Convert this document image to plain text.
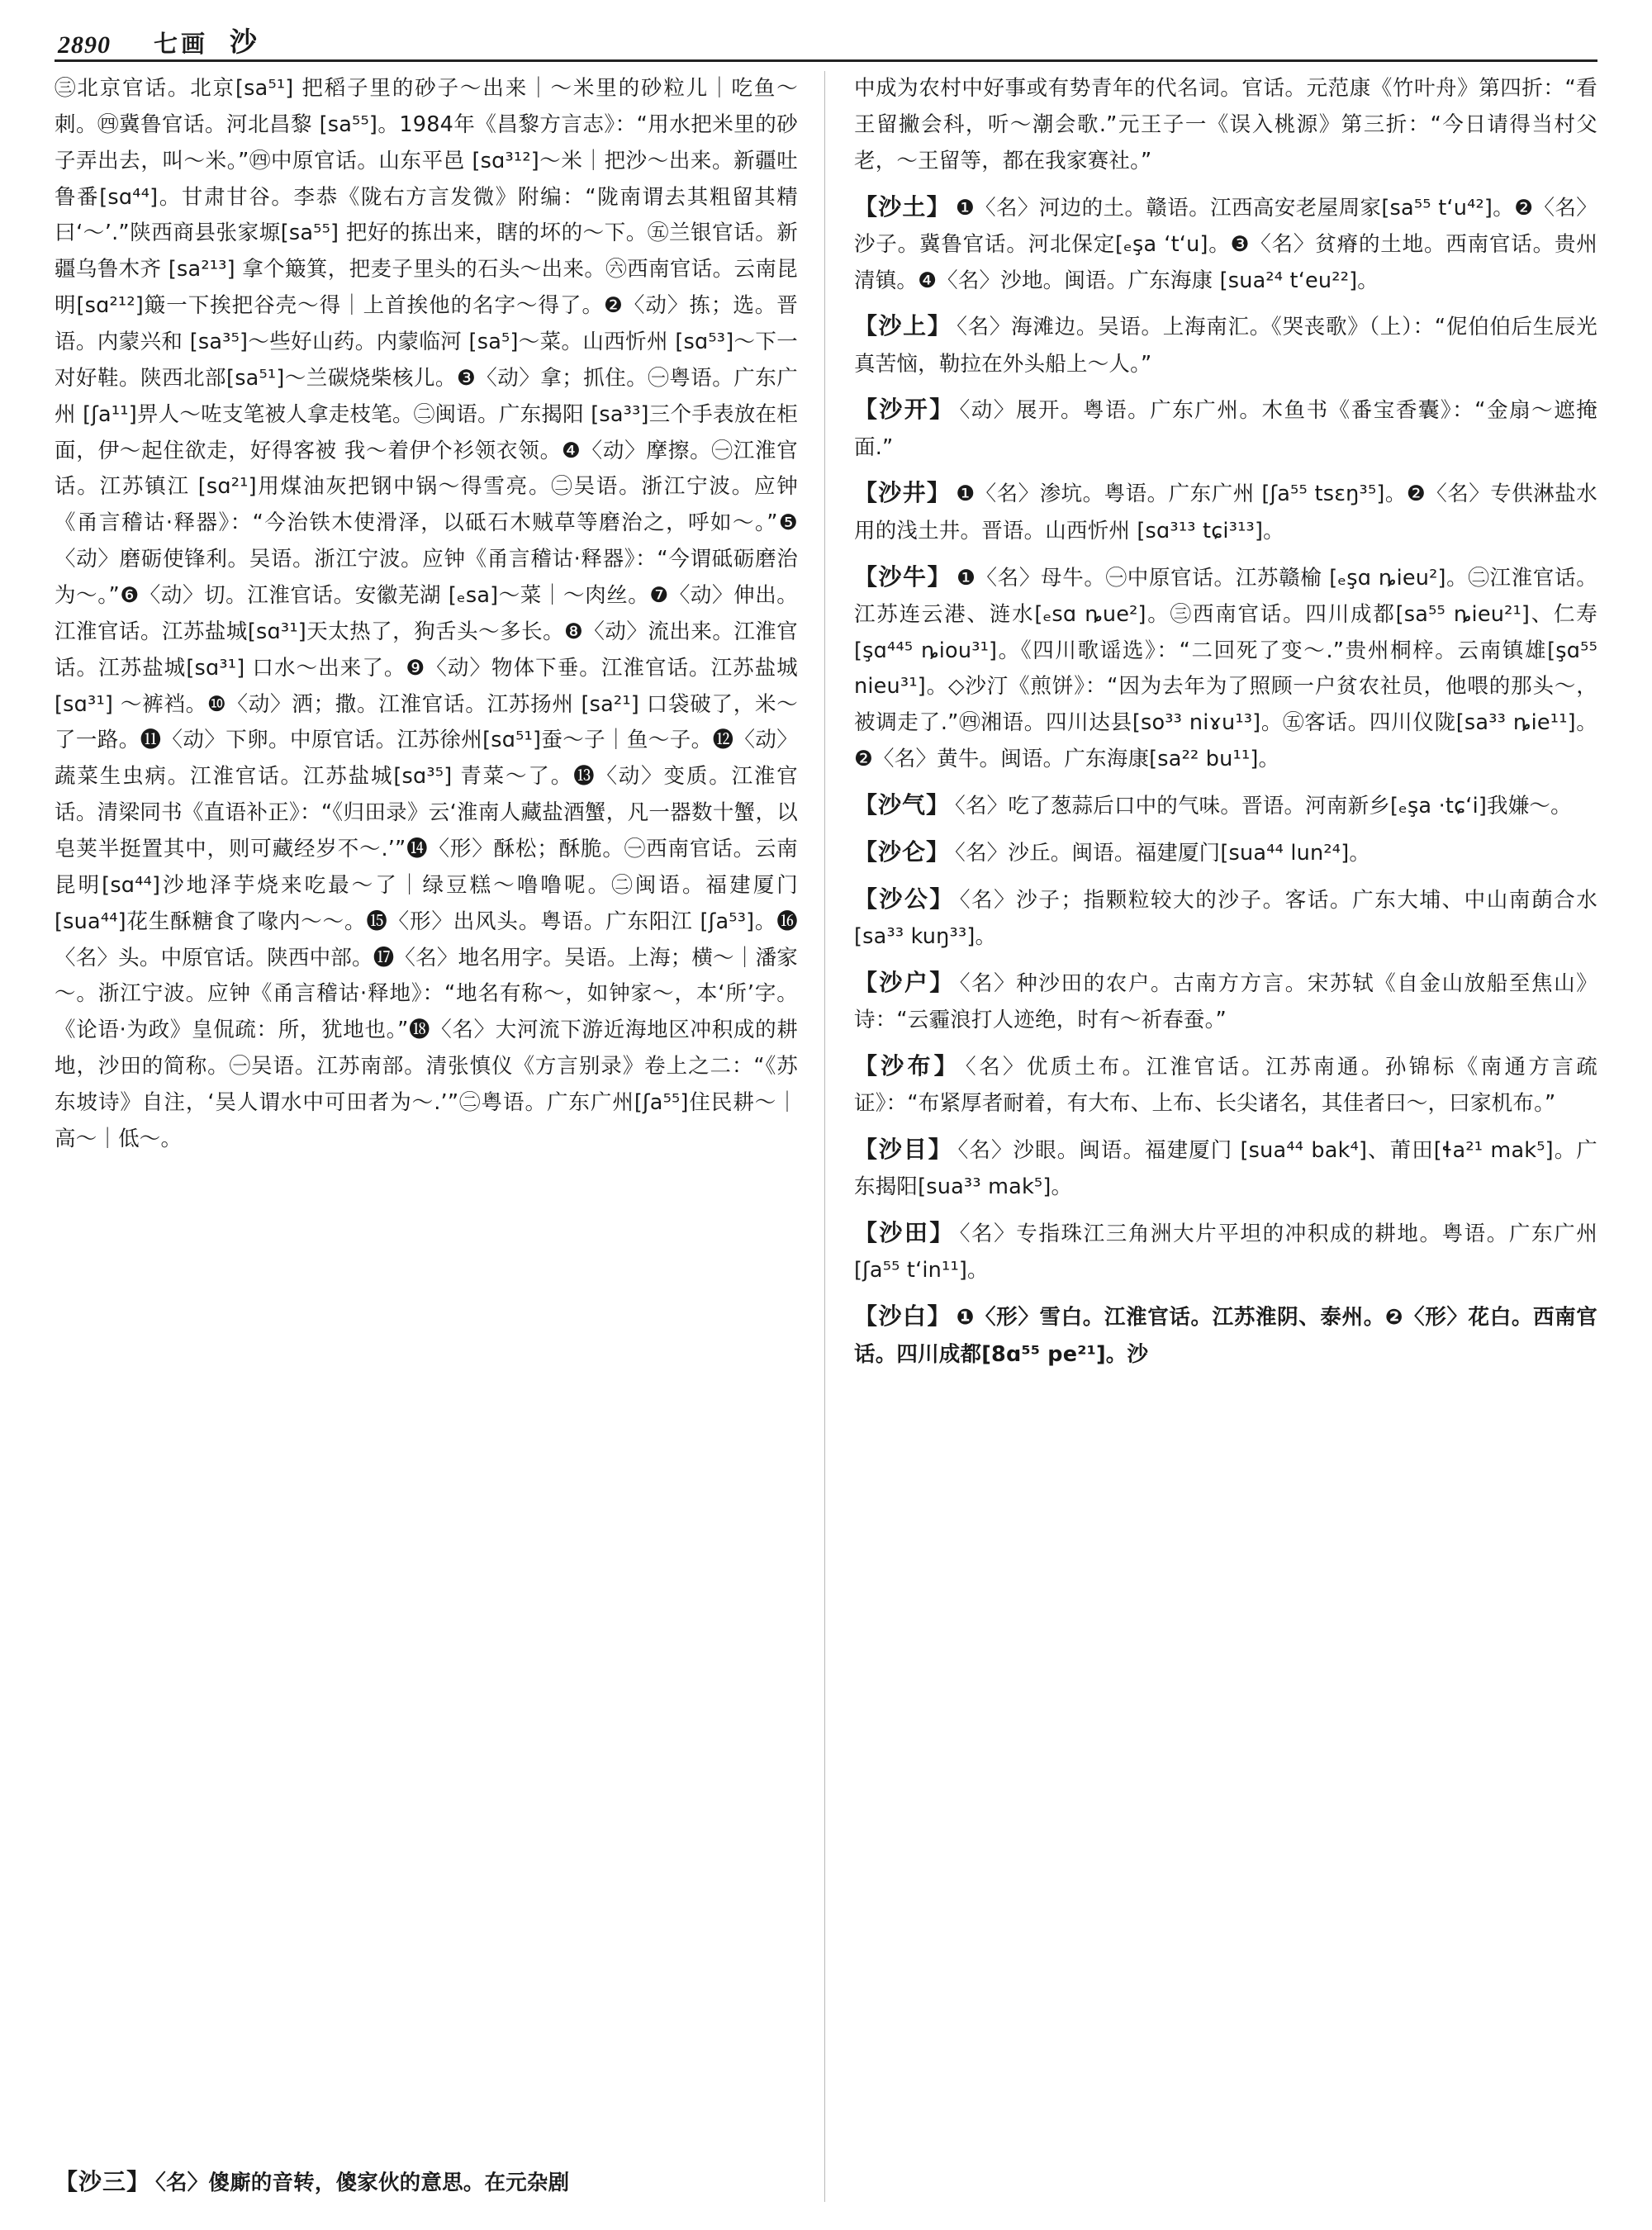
2890 七画 沙

㊂北京官话。北京[sa⁵¹] 把稻子里的砂子～出来｜～米里的砂粒儿｜吃鱼～刺。㊃冀鲁官话。河北昌黎 [sa⁵⁵]。1984年《昌黎方言志》：“用水把米里的砂子弄出去，叫～米。”㊃中原官话。山东平邑 [sɑ³¹²]～米｜把沙～出来。新疆吐鲁番[sɑ⁴⁴]。甘肃甘谷。李恭《陇右方言发微》附编：“陇南谓去其粗留其精曰‘～’.”陕西商县张家塬[sa⁵⁵] 把好的拣出来，瞎的坏的～下。㊄兰银官话。新疆乌鲁木齐 [sa²¹³] 拿个簸箕，把麦子里头的石头～出来。㊅西南官话。云南昆明[sɑ²¹²]簸一下挨把谷壳～得｜上首挨他的名字～得了。❷〈动〉拣；选。晋语。内蒙兴和 [sa³⁵]～些好山药。内蒙临河 [sa⁵]～菜。山西忻州 [sɑ⁵³]～下一对好鞋。陕西北部[sa⁵¹]～兰碳烧柴核儿。❸〈动〉拿；抓住。㊀粤语。广东广州 [ʃa¹¹]畀人～咗支笔被人拿走枝笔。㊁闽语。广东揭阳 [sa³³]三个手表放在柜面，伊～起住欲走，好得客被 我～着伊个衫领衣领。❹〈动〉摩擦。㊀江淮官话。江苏镇江 [sɑ²¹]用煤油灰把钢中锅～得雪亮。㊁吴语。浙江宁波。应钟《甬言稽诂·释器》：“今治铁木使滑泽，以砥石木贼草等磨治之，呼如～。”❺〈动〉磨砺使锋利。吴语。浙江宁波。应钟《甬言稽诂·释器》：“今谓砥砺磨治为～。”❻〈动〉切。江淮官话。安徽芜湖 [ₑsa]～菜｜～肉丝。❼〈动〉伸出。江淮官话。江苏盐城[sɑ³¹]天太热了，狗舌头～多长。❽〈动〉流出来。江淮官话。江苏盐城[sɑ³¹] 口水～出来了。❾〈动〉物体下垂。江淮官话。江苏盐城 [sɑ³¹] ～裤裆。❿〈动〉洒；撒。江淮官话。江苏扬州 [sa²¹] 口袋破了，米～了一路。⓫〈动〉下卵。中原官话。江苏徐州[sɑ⁵¹]蚕～子｜鱼～子。⓬〈动〉蔬菜生虫病。江淮官话。江苏盐城[sɑ³⁵] 青菜～了。⓭〈动〉变质。江淮官话。清梁同书《直语补正》：“《归田录》云‘淮南人藏盐酒蟹，凡一器数十蟹，以皂荚半挺置其中，则可藏经岁不～.’”⓮〈形〉酥松；酥脆。㊀西南官话。云南昆明[sɑ⁴⁴]沙地泽芋烧来吃最～了｜绿豆糕～噜噜呢。㊁闽语。福建厦门[sua⁴⁴]花生酥糖食了喙内～～。⓯〈形〉出风头。粤语。广东阳江 [ʃa⁵³]。⓰〈名〉头。中原官话。陕西中部。⓱〈名〉地名用字。吴语。上海；横～｜潘家～。浙江宁波。应钟《甬言稽诂·释地》：“地名有称～，如钟家～，本‘所’字。《论语·为政》皇侃疏：所，犹地也。”⓲〈名〉大河流下游近海地区冲积成的耕地，沙田的简称。㊀吴语。江苏南部。清张慎仪《方言别录》卷上之二：“《苏东坡诗》自注，‘吴人谓水中可田者为～.’”㊁粤语。广东广州[ʃa⁵⁵]住民耕～｜高～｜低～。

【沙三】 〈名〉傻廝的音转，傻家伙的意思。在元杂剧

中成为农村中好事或有势青年的代名词。官话。元范康《竹叶舟》第四折：“看王留撇会科，听～潮会歌.”元王子一《误入桃源》第三折：“今日请得当村父老，～王留等，都在我家赛社。”

【沙土】 ❶〈名〉河边的土。赣语。江西高安老屋周家[sa⁵⁵ t‘u⁴²]。❷〈名〉沙子。冀鲁官话。河北保定[ₑşa ‘t‘u]。❸〈名〉贫瘠的土地。西南官话。贵州清镇。❹〈名〉沙地。闽语。广东海康 [sua²⁴ t‘eu²²]。

【沙上】 〈名〉海滩边。吴语。上海南汇。《哭丧歌》（上）：“伲伯伯后生辰光真苦恼，勒拉在外头船上～人。”

【沙开】 〈动〉展开。粤语。广东广州。木鱼书《番宝香囊》：“金扇～遮掩面.”

【沙井】 ❶〈名〉渗坑。粤语。广东广州 [ʃa⁵⁵ tsɛŋ³⁵]。❷〈名〉专供淋盐水用的浅土井。晋语。山西忻州 [sɑ³¹³ tɕi³¹³]。

【沙牛】 ❶〈名〉母牛。㊀中原官话。江苏赣榆 [ₑşɑ ȵieu²]。㊁江淮官话。江苏连云港、涟水[ₑsɑ ȵue²]。㊂西南官话。四川成都[sa⁵⁵ ȵieu²¹]、仁寿[şɑ⁴⁴⁵ ȵiou³¹]。《四川歌谣选》：“二回死了变～.”贵州桐梓。云南镇雄[şɑ⁵⁵ nieu³¹]。◇沙汀《煎饼》：“因为去年为了照顾一户贫农社员，他喂的那头～，被调走了.”㊃湘语。四川达县[so³³ niɤu¹³]。㊄客话。四川仪陇[sa³³ ȵie¹¹]。❷〈名〉黄牛。闽语。广东海康[sa²² bu¹¹]。

【沙气】 〈名〉吃了葱蒜后口中的气味。晋语。河南新乡[ₑşa ·tɕ‘i]我嫌～。

【沙仑】 〈名〉沙丘。闽语。福建厦门[sua⁴⁴ lun²⁴]。

【沙公】 〈名〉沙子；指颗粒较大的沙子。客话。广东大埔、中山南蓢合水[sa³³ kuŋ³³]。

【沙户】 〈名〉种沙田的农户。古南方方言。宋苏轼《自金山放船至焦山》诗：“云霾浪打人迹绝，时有～祈春蚕。”

【沙布】 〈名〉优质土布。江淮官话。江苏南通。孙锦标《南通方言疏证》：“布紧厚者耐着，有大布、上布、长尖诸名，其佳者曰～，曰家机布。”

【沙目】 〈名〉沙眼。闽语。福建厦门 [sua⁴⁴ bak⁴]、莆田[ɬa²¹ mak⁵]。广东揭阳[sua³³ mak⁵]。

【沙田】 〈名〉专指珠江三角洲大片平坦的冲积成的耕地。粤语。广东广州[ʃa⁵⁵ t‘in¹¹]。

【沙白】 ❶〈形〉雪白。江淮官话。江苏淮阴、泰州。❷〈形〉花白。西南官话。四川成都[8ɑ⁵⁵ pe²¹]。沙
